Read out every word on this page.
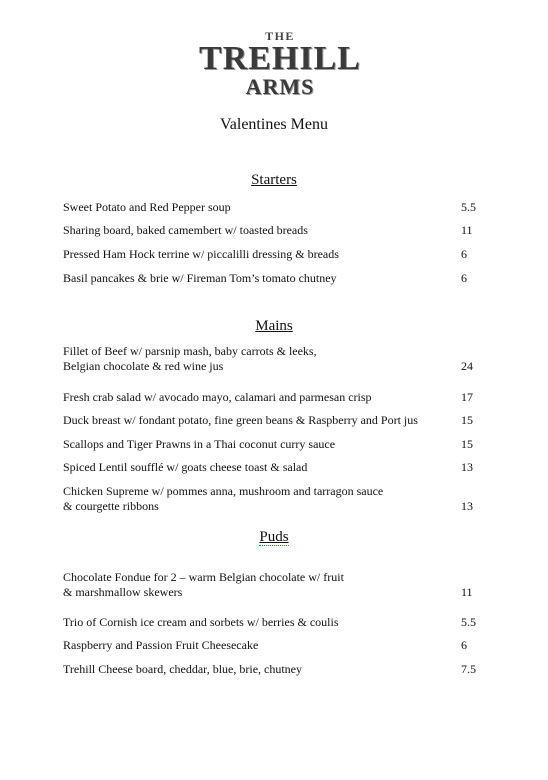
THE
TREHILL
ARMS
Valentines Menu
Starters
Sweet Potato and Red Pepper soup	5.5
Sharing board, baked camembert w/ toasted breads	11
Pressed Ham Hock terrine w/ piccalilli dressing & breads	6
Basil pancakes & brie w/ Fireman Tom’s tomato chutney	6
Mains
Fillet of Beef w/ parsnip mash, baby carrots & leeks,
Belgian chocolate & red wine jus	24
Fresh crab salad w/ avocado mayo, calamari and parmesan crisp	17
Duck breast w/ fondant potato, fine green beans & Raspberry and Port jus	15
Scallops and Tiger Prawns in a Thai coconut curry sauce	15
Spiced Lentil soufflé w/ goats cheese toast & salad	13
Chicken Supreme w/ pommes anna, mushroom and tarragon sauce
& courgette ribbons	13
Puds
Chocolate Fondue for 2 – warm Belgian chocolate w/ fruit
& marshmallow skewers	11
Trio of Cornish ice cream and sorbets w/ berries & coulis	5.5
Raspberry and Passion Fruit Cheesecake	6
Trehill Cheese board, cheddar, blue, brie, chutney	7.5
